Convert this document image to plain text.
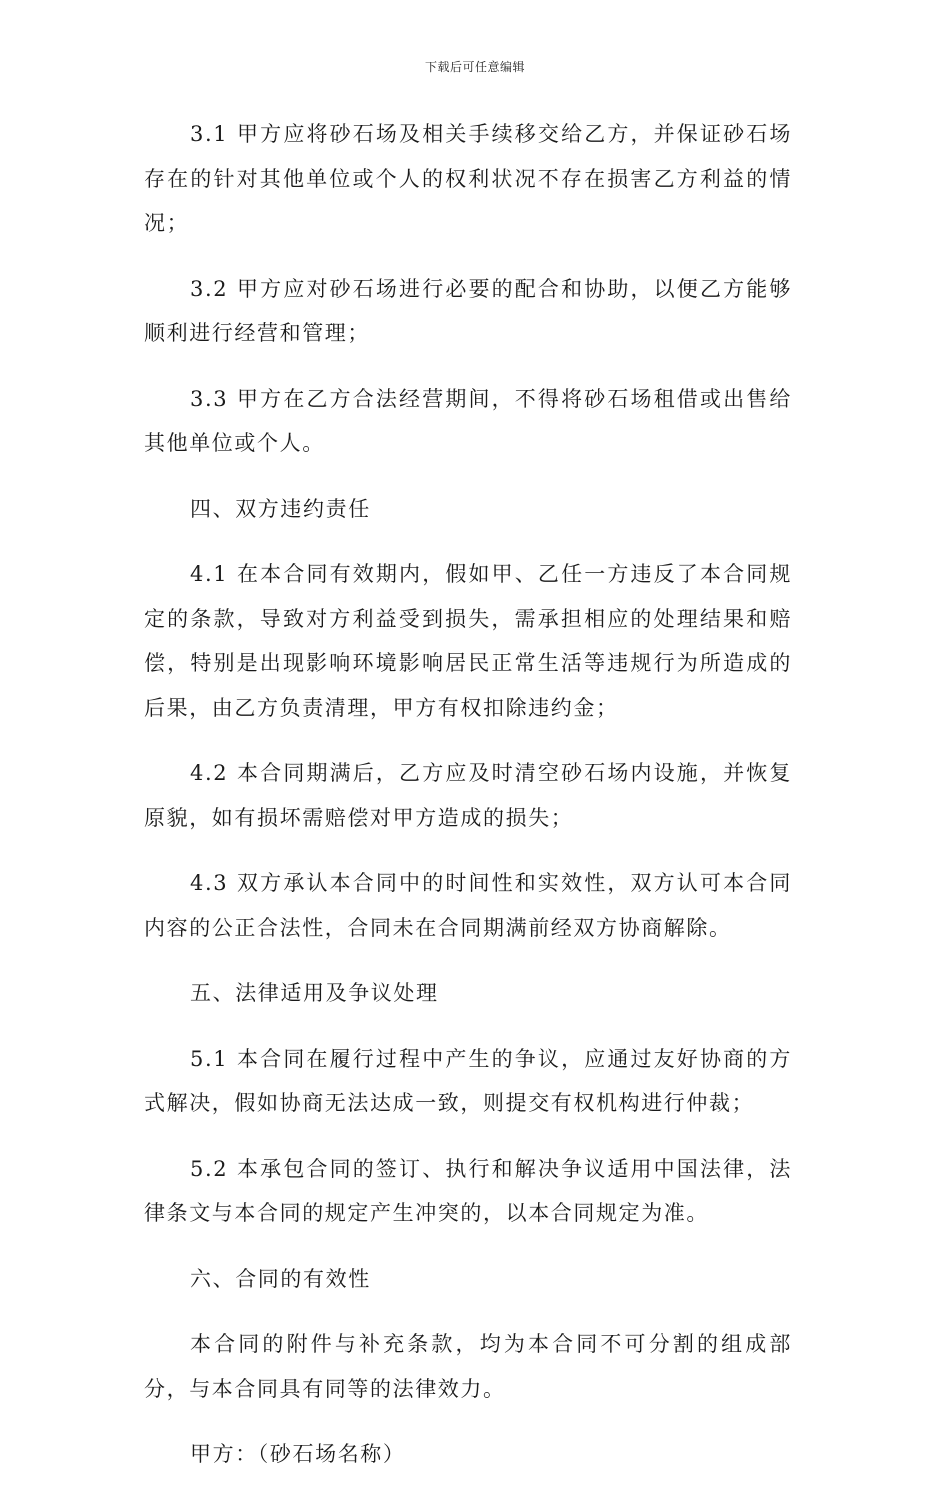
下载后可任意编辑

3.1 甲方应将砂石场及相关手续移交给乙方，并保证砂石场存在的针对其他单位或个人的权利状况不存在损害乙方利益的情况；

3.2 甲方应对砂石场进行必要的配合和协助，以便乙方能够顺利进行经营和管理；

3.3 甲方在乙方合法经营期间，不得将砂石场租借或出售给其他单位或个人。

四、双方违约责任

4.1 在本合同有效期内，假如甲、乙任一方违反了本合同规定的条款，导致对方利益受到损失，需承担相应的处理结果和赔偿，特别是出现影响环境影响居民正常生活等违规行为所造成的后果，由乙方负责清理，甲方有权扣除违约金；

4.2 本合同期满后，乙方应及时清空砂石场内设施，并恢复原貌，如有损坏需赔偿对甲方造成的损失；

4.3 双方承认本合同中的时间性和实效性，双方认可本合同内容的公正合法性，合同未在合同期满前经双方协商解除。

五、法律适用及争议处理

5.1 本合同在履行过程中产生的争议，应通过友好协商的方式解决，假如协商无法达成一致，则提交有权机构进行仲裁；

5.2 本承包合同的签订、执行和解决争议适用中国法律，法律条文与本合同的规定产生冲突的，以本合同规定为准。

六、合同的有效性

本合同的附件与补充条款，均为本合同不可分割的组成部分，与本合同具有同等的法律效力。

甲方：（砂石场名称）
